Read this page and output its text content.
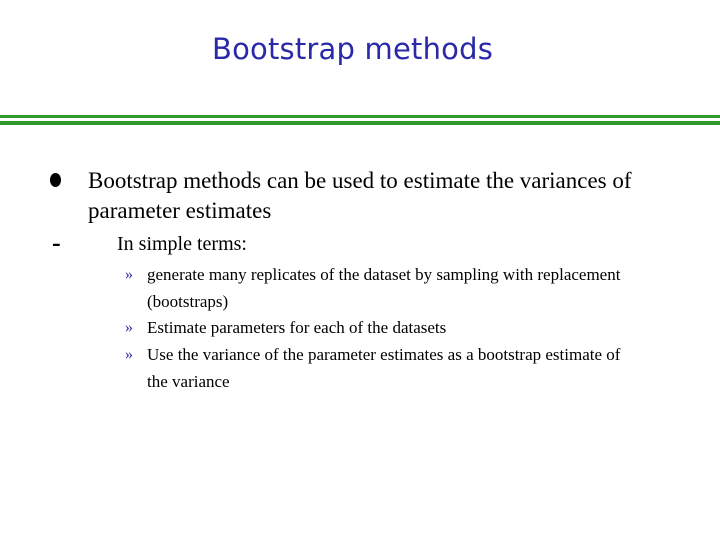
Bootstrap methods
Bootstrap methods can be used to estimate the variances of parameter estimates
-	In simple terms:
» generate many replicates of the dataset by sampling with replacement (bootstraps)
» Estimate parameters for each of the datasets
» Use the variance of the parameter estimates as a bootstrap estimate of the variance
